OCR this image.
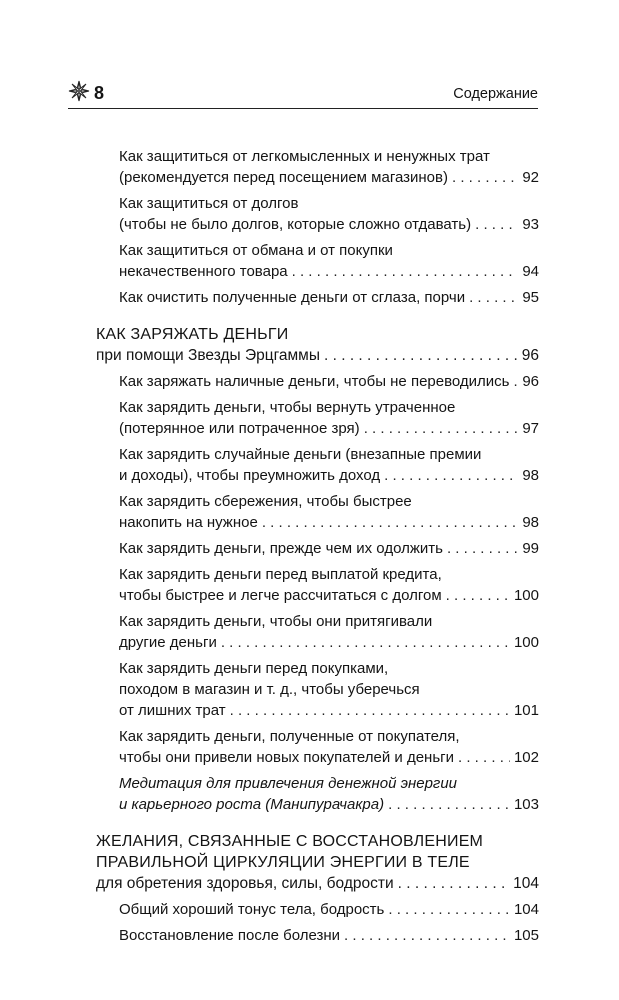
8	Содержание
Как защититься от легкомысленных и ненужных трат
(рекомендуется перед посещением магазинов) . . .	92
Как защититься от долгов
(чтобы не было долгов, которые сложно отдавать) . . .	93
Как защититься от обмана и от покупки
некачественного товара . . .	94
Как очистить полученные деньги от сглаза, порчи . . .	95
КАК ЗАРЯЖАТЬ ДЕНЬГИ
при помощи Звезды Эрцгаммы . . .	96
Как заряжать наличные деньги, чтобы не переводились . . . 96
Как зарядить деньги, чтобы вернуть утраченное
(потерянное или потраченное зря) . . .	97
Как зарядить случайные деньги (внезапные премии
и доходы), чтобы преумножить доход . . .	98
Как зарядить сбережения, чтобы быстрее
накопить на нужное . . .	98
Как зарядить деньги, прежде чем их одолжить . . .	99
Как зарядить деньги перед выплатой кредита,
чтобы быстрее и легче рассчитаться с долгом . . .	100
Как зарядить деньги, чтобы они притягивали
другие деньги . . .	100
Как зарядить деньги перед покупками,
походом в магазин и т. д., чтобы уберечься
от лишних трат . . .	101
Как зарядить деньги, полученные от покупателя,
чтобы они привели новых покупателей и деньги . . .	102
Медитация для привлечения денежной энергии
и карьерного роста (Манипурачакра) . . .	103
ЖЕЛАНИЯ, СВЯЗАННЫЕ С ВОССТАНОВЛЕНИЕМ
ПРАВИЛЬНОЙ ЦИРКУЛЯЦИИ ЭНЕРГИИ В ТЕЛЕ
для обретения здоровья, силы, бодрости . . .	104
Общий хороший тонус тела, бодрость . . .	104
Восстановление после болезни . . .	105
